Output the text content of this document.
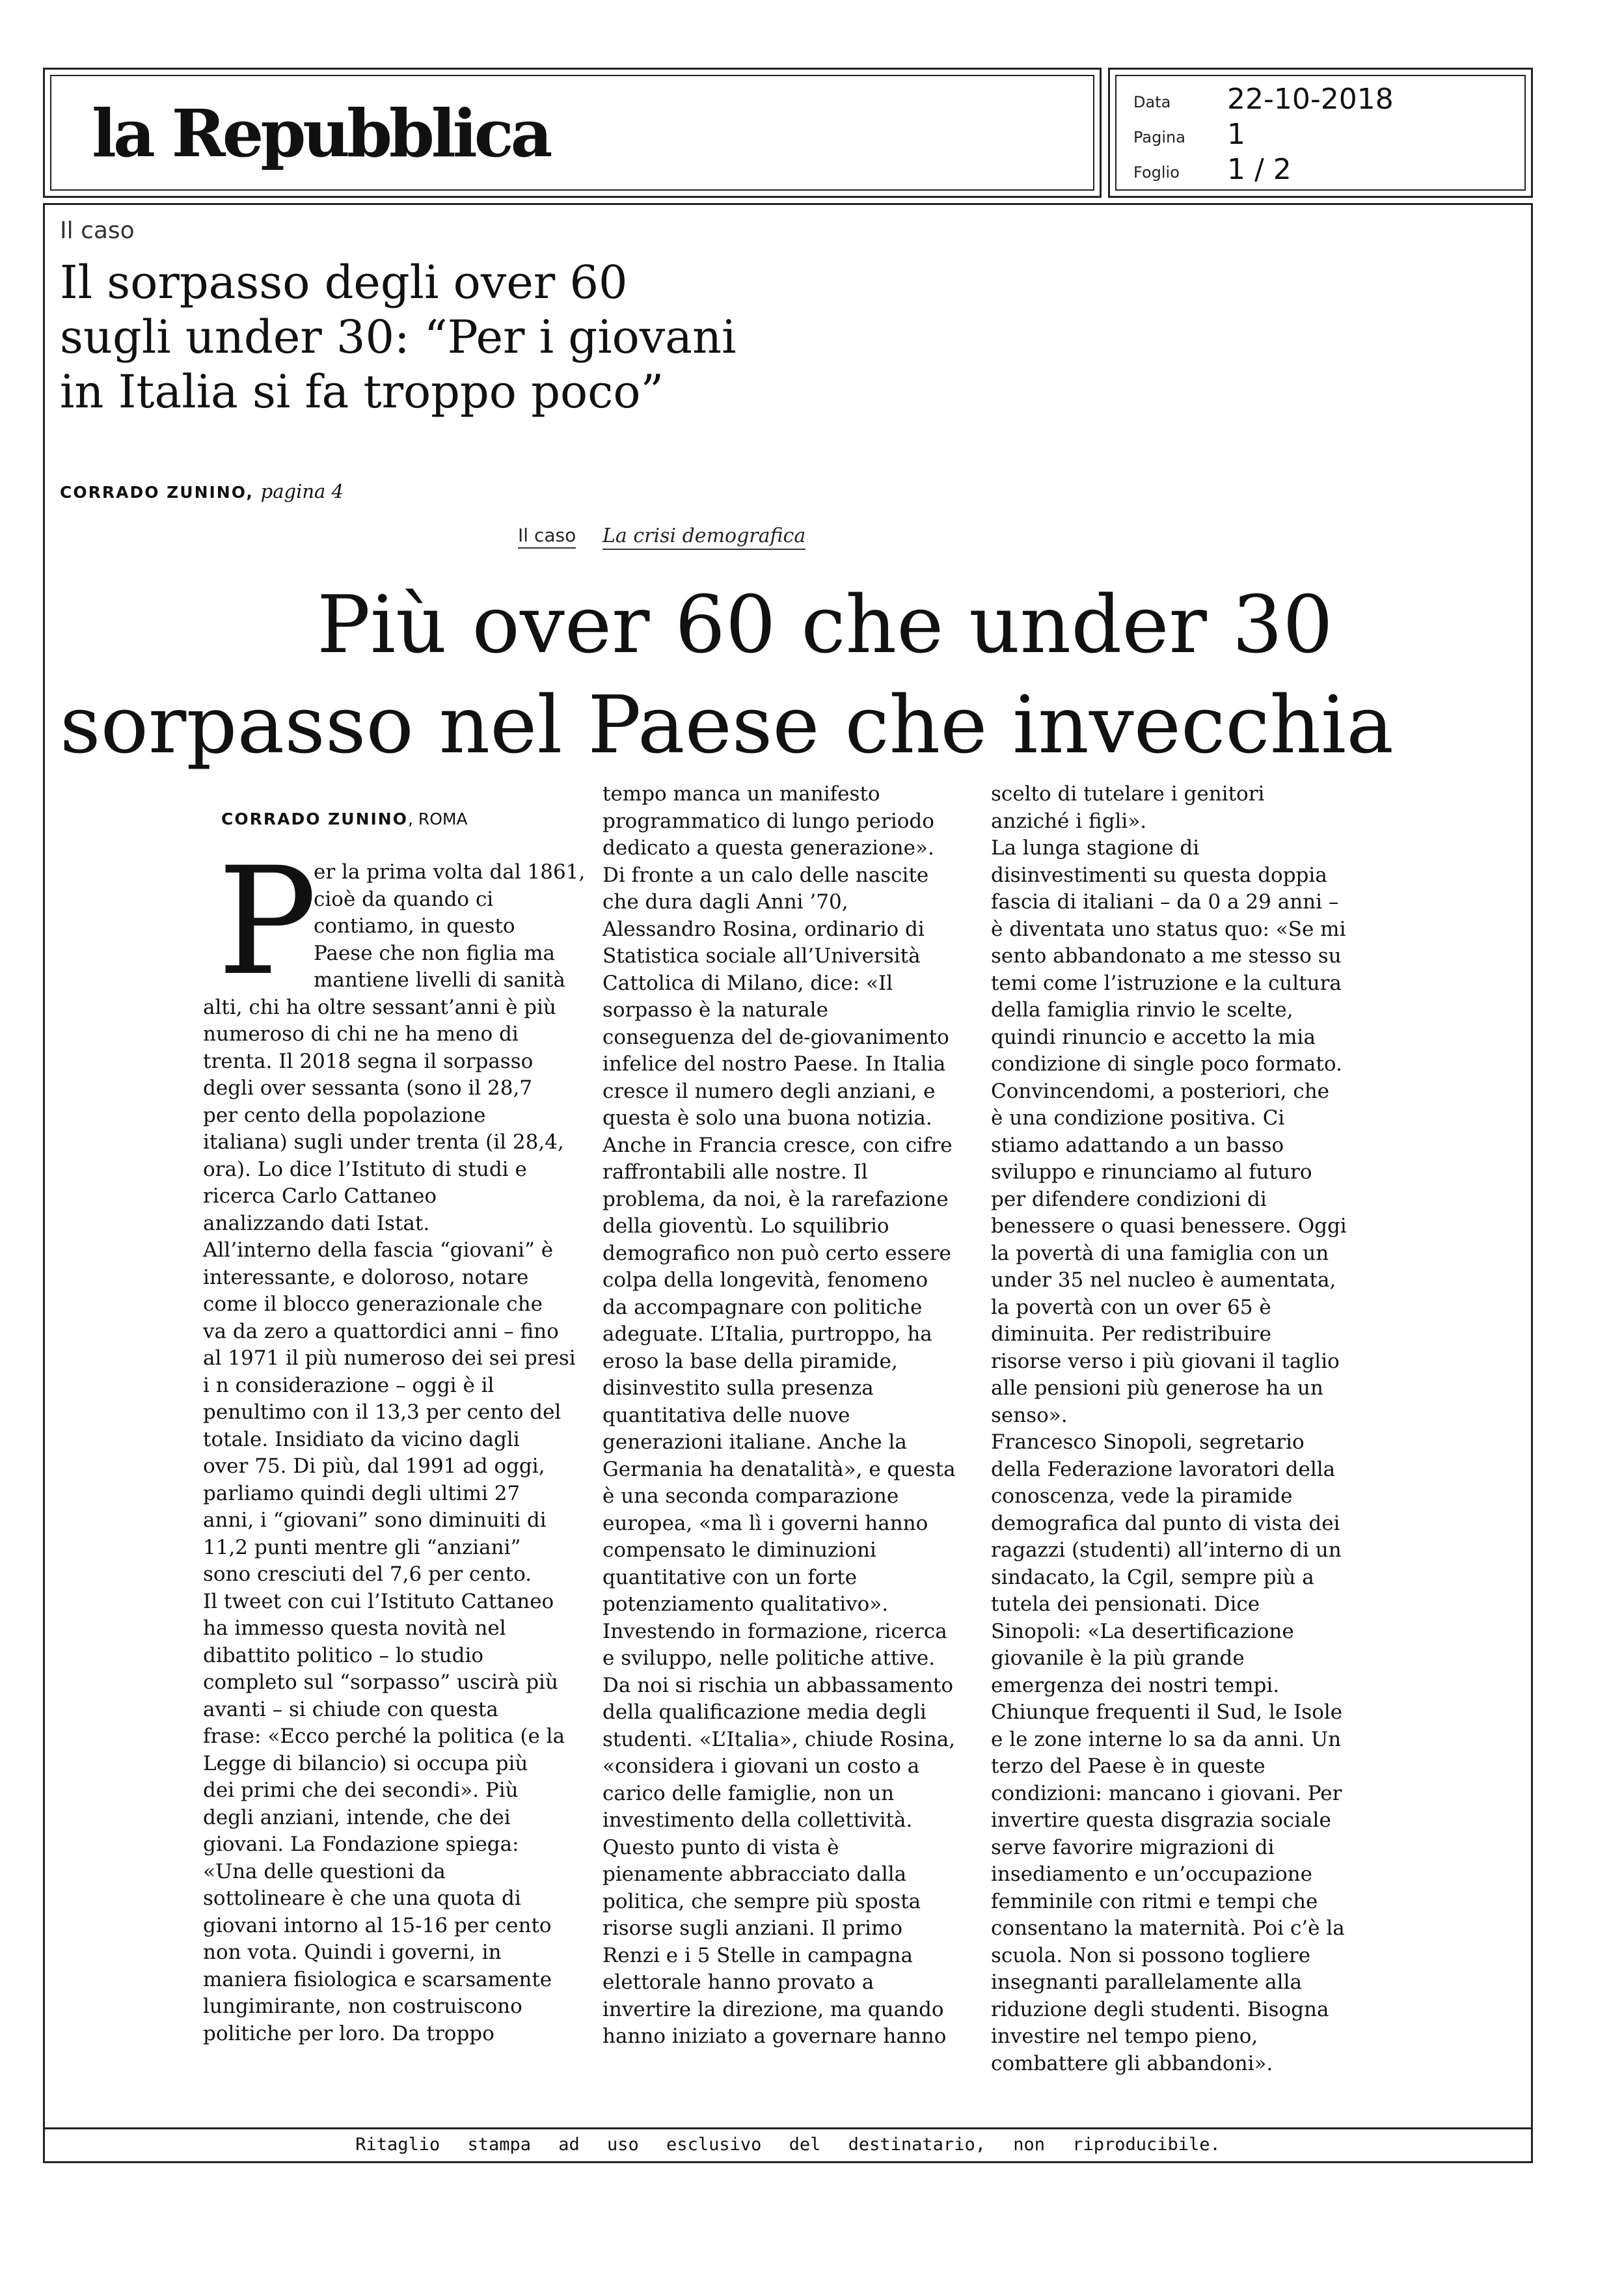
la Repubblica	Data 22-10-2018
Pagina 1
Foglio 1 / 2
Ritaglio stampa ad uso esclusivo del destinatario, non riproducibile.
Il caso
Il sorpasso degli over 60
sugli under 30: “Per i giovani
in Italia si fa troppo poco”
CORRADO ZUNINO, pagina 4
Il caso La crisi demografica
Più over 60 che under 30
sorpasso nel Paese che invecchia
CORRADO ZUNINO, ROMA
P
er la prima volta dal 1861,
cioè da quando ci
contiamo, in questo
Paese che non figlia ma
mantiene livelli di sanità
alti, chi ha oltre sessant’anni è più
numeroso di chi ne ha meno di
trenta. Il 2018 segna il sorpasso
degli over sessanta (sono il 28,7
per cento della popolazione
italiana) sugli under trenta (il 28,4,
ora). Lo dice l’Istituto di studi e
ricerca Carlo Cattaneo
analizzando dati Istat.
All’interno della fascia “giovani” è
interessante, e doloroso, notare
come il blocco generazionale che
va da zero a quattordici anni – fino
al 1971 il più numeroso dei sei presi
i n considerazione – oggi è il
penultimo con il 13,3 per cento del
totale. Insidiato da vicino dagli
over 75. Di più, dal 1991 ad oggi,
parliamo quindi degli ultimi 27
anni, i “giovani” sono diminuiti di
11,2 punti mentre gli “anziani”
sono cresciuti del 7,6 per cento.
Il tweet con cui l’Istituto Cattaneo
ha immesso questa novità nel
dibattito politico – lo studio
completo sul “sorpasso” uscirà più
avanti – si chiude con questa
frase: «Ecco perché la politica (e la
Legge di bilancio) si occupa più
dei primi che dei secondi». Più
degli anziani, intende, che dei
giovani. La Fondazione spiega:
«Una delle questioni da
sottolineare è che una quota di
giovani intorno al 15-16 per cento
non vota. Quindi i governi, in
maniera fisiologica e scarsamente
lungimirante, non costruiscono
politiche per loro. Da troppo
tempo manca un manifesto
programmatico di lungo periodo
dedicato a questa generazione».
Di fronte a un calo delle nascite
che dura dagli Anni ’70,
Alessandro Rosina, ordinario di
Statistica sociale all’Università
Cattolica di Milano, dice: «Il
sorpasso è la naturale
conseguenza del de-giovanimento
infelice del nostro Paese. In Italia
cresce il numero degli anziani, e
questa è solo una buona notizia.
Anche in Francia cresce, con cifre
raffrontabili alle nostre. Il
problema, da noi, è la rarefazione
della gioventù. Lo squilibrio
demografico non può certo essere
colpa della longevità, fenomeno
da accompagnare con politiche
adeguate. L’Italia, purtroppo, ha
eroso la base della piramide,
disinvestito sulla presenza
quantitativa delle nuove
generazioni italiane. Anche la
Germania ha denatalità», e questa
è una seconda comparazione
europea, «ma lì i governi hanno
compensato le diminuzioni
quantitative con un forte
potenziamento qualitativo».
Investendo in formazione, ricerca
e sviluppo, nelle politiche attive.
Da noi si rischia un abbassamento
della qualificazione media degli
studenti. «L’Italia», chiude Rosina,
«considera i giovani un costo a
carico delle famiglie, non un
investimento della collettività.
Questo punto di vista è
pienamente abbracciato dalla
politica, che sempre più sposta
risorse sugli anziani. Il primo
Renzi e i 5 Stelle in campagna
elettorale hanno provato a
invertire la direzione, ma quando
hanno iniziato a governare hanno
scelto di tutelare i genitori
anziché i figli».
La lunga stagione di
disinvestimenti su questa doppia
fascia di italiani – da 0 a 29 anni –
è diventata uno status quo: «Se mi
sento abbandonato a me stesso su
temi come l’istruzione e la cultura
della famiglia rinvio le scelte,
quindi rinuncio e accetto la mia
condizione di single poco formato.
Convincendomi, a posteriori, che
è una condizione positiva. Ci
stiamo adattando a un basso
sviluppo e rinunciamo al futuro
per difendere condizioni di
benessere o quasi benessere. Oggi
la povertà di una famiglia con un
under 35 nel nucleo è aumentata,
la povertà con un over 65 è
diminuita. Per redistribuire
risorse verso i più giovani il taglio
alle pensioni più generose ha un
senso».
Francesco Sinopoli, segretario
della Federazione lavoratori della
conoscenza, vede la piramide
demografica dal punto di vista dei
ragazzi (studenti) all’interno di un
sindacato, la Cgil, sempre più a
tutela dei pensionati. Dice
Sinopoli: «La desertificazione
giovanile è la più grande
emergenza dei nostri tempi.
Chiunque frequenti il Sud, le Isole
e le zone interne lo sa da anni. Un
terzo del Paese è in queste
condizioni: mancano i giovani. Per
invertire questa disgrazia sociale
serve favorire migrazioni di
insediamento e un’occupazione
femminile con ritmi e tempi che
consentano la maternità. Poi c’è la
scuola. Non si possono togliere
insegnanti parallelamente alla
riduzione degli studenti. Bisogna
investire nel tempo pieno,
combattere gli abbandoni».
